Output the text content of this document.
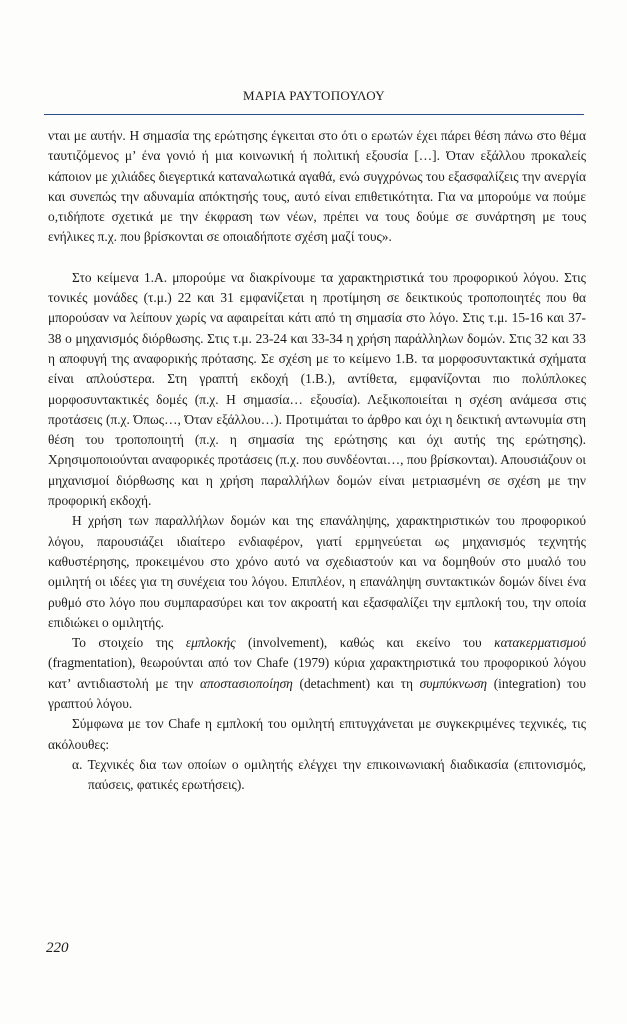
ΜΑΡΙΑ ΡΑΥΤΟΠΟΥΛΟΥ

νται με αυτήν. Η σημασία της ερώτησης έγκειται στο ότι ο ερωτών έχει πάρει θέση πάνω στο θέμα ταυτιζόμενος μ’ ένα γονιό ή μια κοινωνική ή πολιτική εξουσία […]. Όταν εξάλλου προκαλείς κάποιον με χιλιάδες διεγερτικά καταναλωτικά αγαθά, ενώ συγχρόνως του εξασφαλίζεις την ανεργία και συνεπώς την αδυναμία απόκτησής τους, αυτό είναι επιθετικότητα. Για να μπορούμε να πούμε ο,τιδήποτε σχετικά με την έκφραση των νέων, πρέπει να τους δούμε σε συνάρτηση με τους ενήλικες π.χ. που βρίσκονται σε οποιαδήποτε σχέση μαζί τους».

Στο κείμενα 1.Α. μπορούμε να διακρίνουμε τα χαρακτηριστικά του προφορικού λόγου. Στις τονικές μονάδες (τ.μ.) 22 και 31 εμφανίζεται η προτίμηση σε δεικτικούς τροποποιητές που θα μπορούσαν να λείπουν χωρίς να αφαιρείται κάτι από τη σημασία στο λόγο. Στις τ.μ. 15-16 και 37-38 ο μηχανισμός διόρθωσης. Στις τ.μ. 23-24 και 33-34 η χρήση παράλληλων δομών. Στις 32 και 33 η αποφυγή της αναφορικής πρότασης. Σε σχέση με το κείμενο 1.Β. τα μορφοσυντακτικά σχήματα είναι απλούστερα. Στη γραπτή εκδοχή (1.Β.), αντίθετα, εμφανίζονται πιο πολύπλοκες μορφοσυντακτικές δομές (π.χ. Η σημασία… εξουσία). Λεξικοποιείται η σχέση ανάμεσα στις προτάσεις (π.χ. Όπως…, Όταν εξάλλου…). Προτιμάται το άρθρο και όχι η δεικτική αντωνυμία στη θέση του τροποποιητή (π.χ. η σημασία της ερώτησης και όχι αυτής της ερώτησης). Χρησιμοποιούνται αναφορικές προτάσεις (π.χ. που συνδέονται…, που βρίσκονται). Απουσιάζουν οι μηχανισμοί διόρθωσης και η χρήση παραλλήλων δομών είναι μετριασμένη σε σχέση με την προφορική εκδοχή.

Η χρήση των παραλλήλων δομών και της επανάληψης, χαρακτηριστικών του προφορικού λόγου, παρουσιάζει ιδιαίτερο ενδιαφέρον, γιατί ερμηνεύεται ως μηχανισμός τεχνητής καθυστέρησης, προκειμένου στο χρόνο αυτό να σχεδιαστούν και να δομηθούν στο μυαλό του ομιλητή οι ιδέες για τη συνέχεια του λόγου. Επιπλέον, η επανάληψη συντακτικών δομών δίνει ένα ρυθμό στο λόγο που συμπαρασύρει και τον ακροατή και εξασφαλίζει την εμπλοκή του, την οποία επιδιώκει ο ομιλητής.

Το στοιχείο της εμπλοκής (involvement), καθώς και εκείνο του κατακερματισμού (fragmentation), θεωρούνται από τον Chafe (1979) κύρια χαρακτηριστικά του προφορικού λόγου κατ’ αντιδιαστολή με την αποστασιοποίηση (detachment) και τη συμπύκνωση (integration) του γραπτού λόγου.

Σύμφωνα με τον Chafe η εμπλοκή του ομιλητή επιτυγχάνεται με συγκεκριμένες τεχνικές, τις ακόλουθες:

α. Τεχνικές δια των οποίων ο ομιλητής ελέγχει την επικοινωνιακή διαδικασία (επιτονισμός, παύσεις, φατικές ερωτήσεις).

220
